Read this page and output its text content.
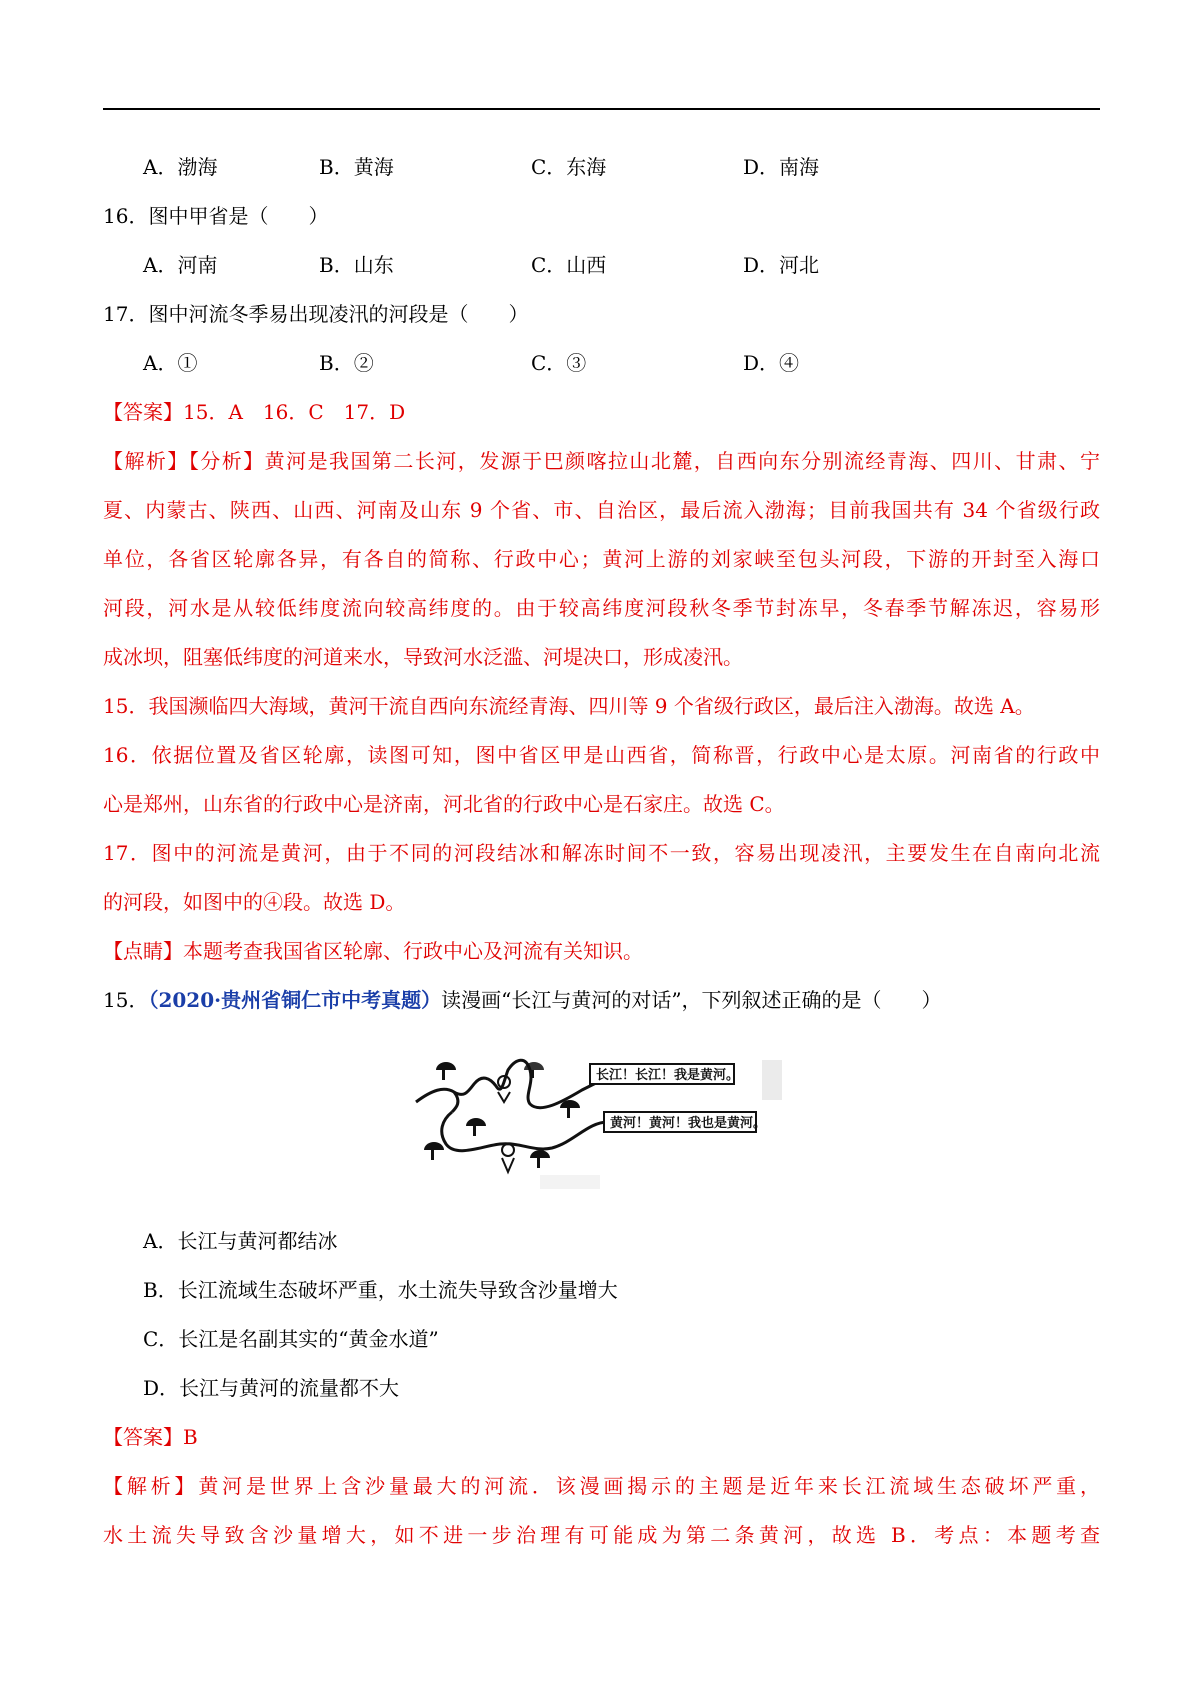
A．渤海	B．黄海	C．东海	D．南海
16．图中甲省是（　　）
A．河南	B．山东	C．山西	D．河北
17．图中河流冬季易出现凌汛的河段是（　　）
A．①	B．②	C．③	D．④
【答案】15．A　16．C　17．D
【解析】【分析】黄河是我国第二长河，发源于巴颜喀拉山北麓，自西向东分别流经青海、四川、甘肃、宁
夏、内蒙古、陕西、山西、河南及山东 9 个省、市、自治区，最后流入渤海；目前我国共有 34 个省级行政
单位，各省区轮廓各异，有各自的简称、行政中心；黄河上游的刘家峡至包头河段，下游的开封至入海口
河段，河水是从较低纬度流向较高纬度的。由于较高纬度河段秋冬季节封冻早，冬春季节解冻迟，容易形
成冰坝，阻塞低纬度的河道来水，导致河水泛滥、河堤决口，形成凌汛。
15．我国濒临四大海域，黄河干流自西向东流经青海、四川等 9 个省级行政区，最后注入渤海。故选 A。
16．依据位置及省区轮廓，读图可知，图中省区甲是山西省，简称晋，行政中心是太原。河南省的行政中
心是郑州，山东省的行政中心是济南，河北省的行政中心是石家庄。故选 C。
17．图中的河流是黄河，由于不同的河段结冰和解冻时间不一致，容易出现凌汛，主要发生在自南向北流
的河段，如图中的④段。故选 D。
【点睛】本题考查我国省区轮廓、行政中心及河流有关知识。
15．（2020·贵州省铜仁市中考真题）读漫画“长江与黄河的对话”，下列叙述正确的是（　　）
长江！长江！我是黄河。
黄河！黄河！我也是黄河。
A．长江与黄河都结冰
B．长江流域生态破坏严重，水土流失导致含沙量增大
C．长江是名副其实的“黄金水道”
D．长江与黄河的流量都不大
【答案】B
【解析】黄河是世界上含沙量最大的河流．该漫画揭示的主题是近年来长江流域生态破坏严重，
水土流失导致含沙量增大，如不进一步治理有可能成为第二条黄河，故选 B．考点：本题考查
